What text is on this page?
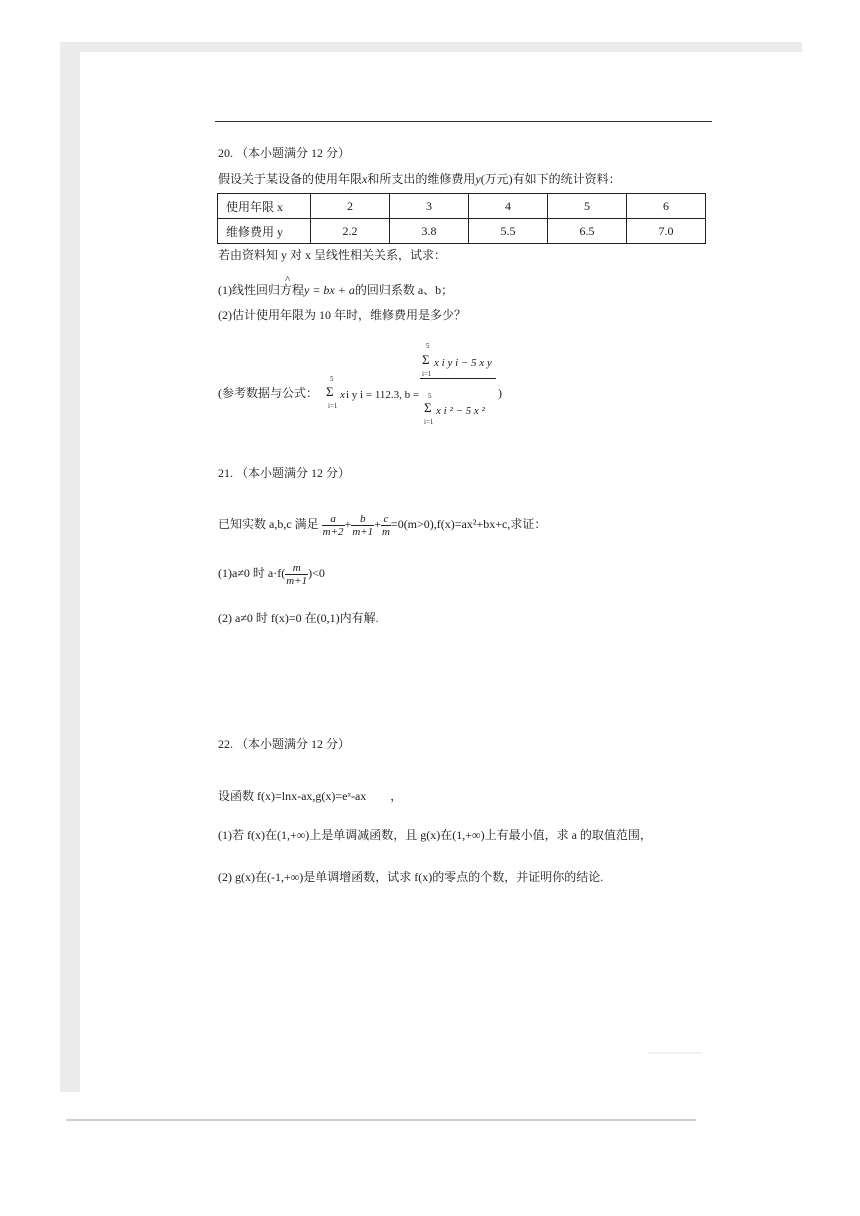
20. （本小题满分 12 分）
假设关于某设备的使用年限x和所支出的维修费用y(万元)有如下的统计资料：
使用年限 x	2	3	4	5	6
维修费用 y	2.2	3.8	5.5	6.5	7.0
若由资料知 y 对 x 呈线性相关关系，试求：
^
(1)线性回归方程y = bx + a的回归系数 a、b；
(2)估计使用年限为 10 年时，维修费用是多少？
(参考数据与公式：
5
Σ
i=1
x i y i = 112.3, b =
5
Σ
i=1
x i y i − 5 x y
5
Σ
i=1
x i ² − 5 x ²
)
21. （本小题满分 12 分）
已知实数 a,b,c 满足 $\frac{a}{m+2} + \frac{b}{m+1} + \frac{c}{m} =0(m>0),f(x)=ax^2+bx+c$,求证：
(1)a≠0 时 $a\cdot f( \frac{m}{m+1} )<0$
(2) a≠0 时 f(x)=0 在(0,1)内有解.
22. （本小题满分 12 分）
设函数 f(x)=lnx-ax,g(x)=eˣ-ax　　，
(1)若 f(x)在(1,+∞)上是单调减函数，且 g(x)在(1,+∞)上有最小值，求 a 的取值范围，
(2) g(x)在(-1,+∞)是单调增函数，试求 f(x)的零点的个数，并证明你的结论.
